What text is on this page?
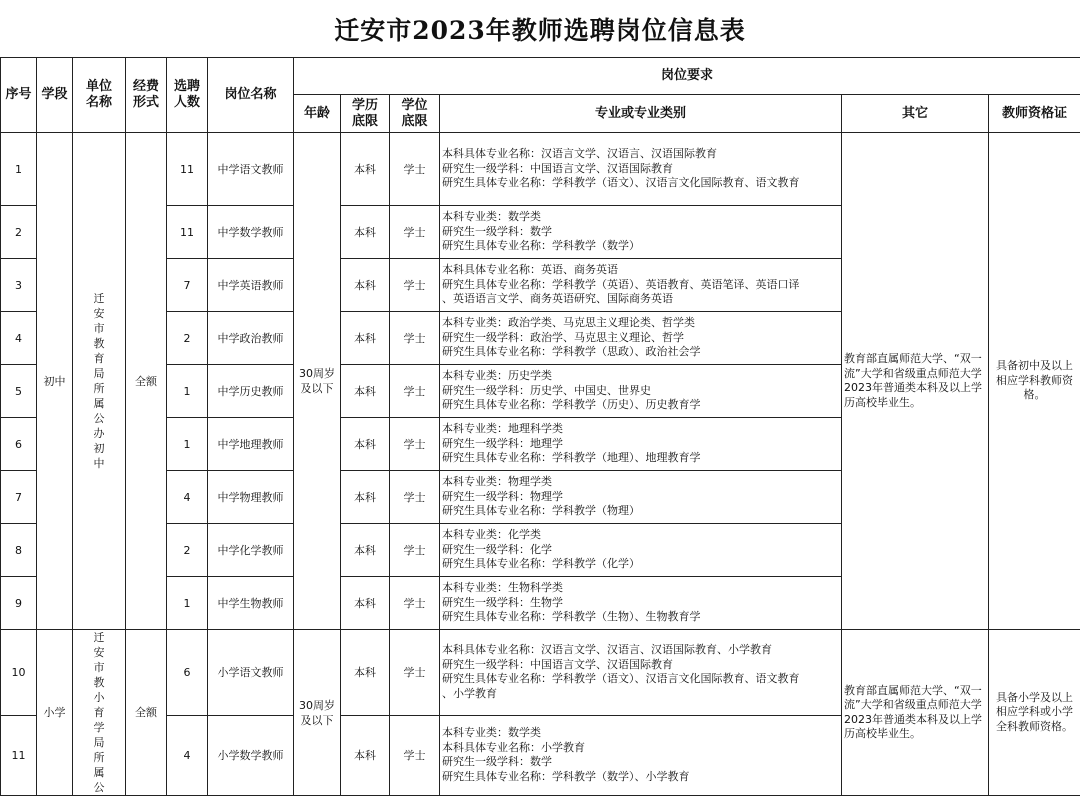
迁安市2023年教师选聘岗位信息表
序号	学段	单位名称	经费形式	选聘人数	岗位名称	岗位要求					
						年龄	学历底限	学位底限	专业或专业类别	其它	教师资格证
1	初中	迁安市教育局所属公办初中	全额	11	中学语文教师	30周岁及以下	本科	学士	本科具体专业名称：汉语言文学、汉语言、汉语国际教育
研究生一级学科：中国语言文学、汉语国际教育
研究生具体专业名称：学科教学（语文）、汉语言文化国际教育、语文教育	教育部直属师范大学、“双一流”大学和省级重点师范大学2023年普通类本科及以上学历高校毕业生。	具备初中及以上相应学科教师资格。
2				11	中学数学教师		本科	学士	本科专业类：数学类
研究生一级学科：数学
研究生具体专业名称：学科教学（数学）		

3				7	中学英语教师		本科	学士	本科具体专业名称：英语、商务英语
研究生具体专业名称：学科教学（英语）、英语教育、英语笔译、英语口译
、英语语言文学、商务英语研究、国际商务英语		

4				2	中学政治教师		本科	学士	本科专业类：政治学类、马克思主义理论类、哲学类
研究生一级学科：政治学、马克思主义理论、哲学
研究生具体专业名称：学科教学（思政）、政治社会学		

5				1	中学历史教师		本科	学士	本科专业类：历史学类
研究生一级学科：历史学、中国史、世界史
研究生具体专业名称：学科教学（历史）、历史教育学		

6				1	中学地理教师		本科	学士	本科专业类：地理科学类
研究生一级学科：地理学
研究生具体专业名称：学科教学（地理）、地理教育学		

7				4	中学物理教师		本科	学士	本科专业类：物理学类
研究生一级学科：物理学
研究生具体专业名称：学科教学（物理）		

8				2	中学化学教师		本科	学士	本科专业类：化学类
研究生一级学科：化学
研究生具体专业名称：学科教学（化学）		

9				1	中学生物教师		本科	学士	本科专业类：生物科学类
研究生一级学科：生物学
研究生具体专业名称：学科教学（生物）、生物教育学		

10	小学	迁安市教小育学局所属公	全额	6	小学语文教师	30周岁及以下	本科	学士	本科具体专业名称：汉语言文学、汉语言、汉语国际教育、小学教育
研究生一级学科：中国语言文学、汉语国际教育
研究生具体专业名称：学科教学（语文）、汉语言文化国际教育、语文教育
、小学教育	教育部直属师范大学、“双一流”大学和省级重点师范大学2023年普通类本科及以上学历高校毕业生。	具备小学及以上相应学科或小学全科教师资格。
11				4	小学数学教师		本科	学士	本科专业类：数学类
本科具体专业名称：小学教育
研究生一级学科：数学
研究生具体专业名称：学科教学（数学）、小学教育		
